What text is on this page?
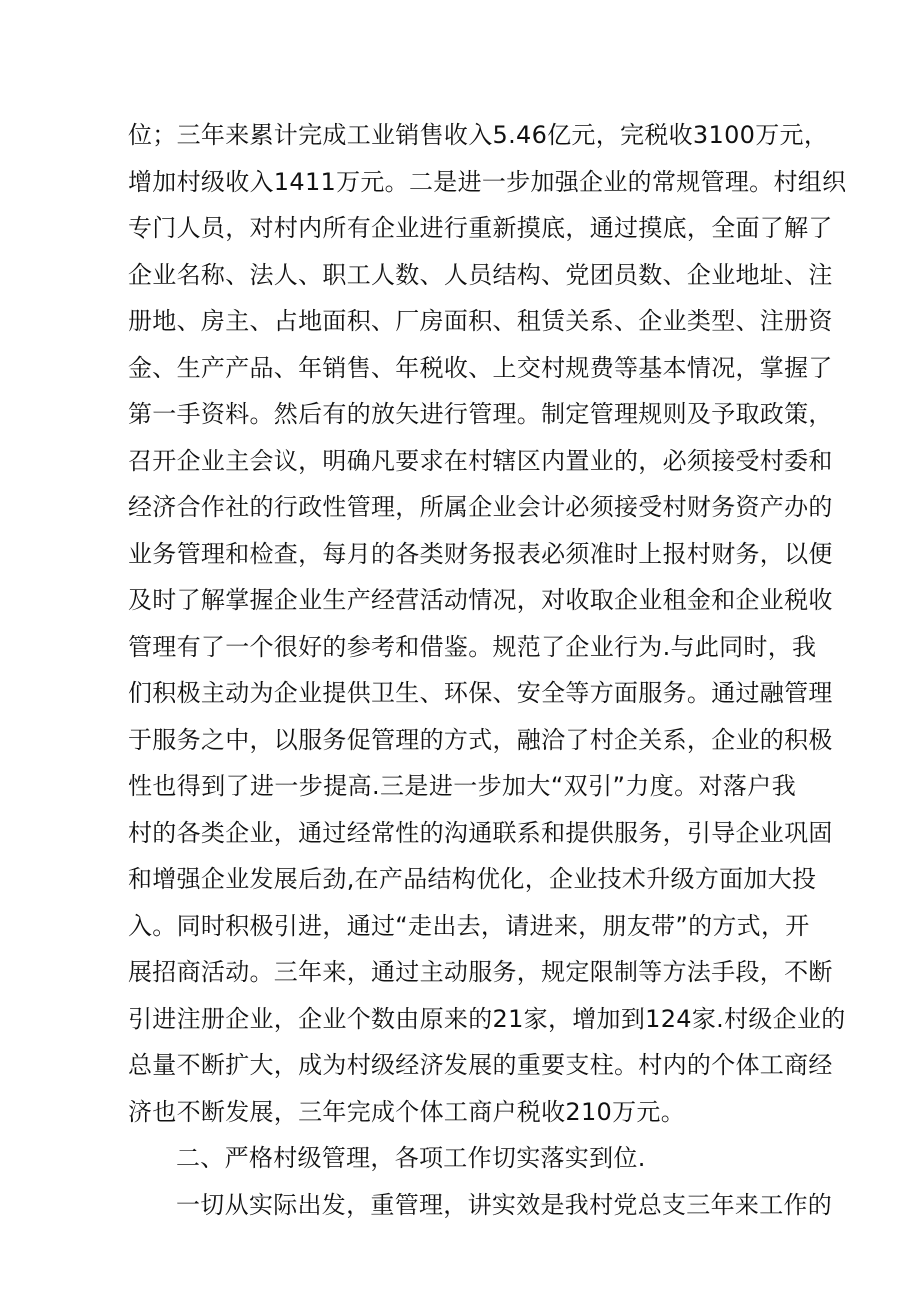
位；三年来累计完成工业销售收入5.46亿元，完税收3100万元，
增加村级收入1411万元。二是进一步加强企业的常规管理。村组织
专门人员，对村内所有企业进行重新摸底，通过摸底，全面了解了
企业名称、法人、职工人数、人员结构、党团员数、企业地址、注
册地、房主、占地面积、厂房面积、租赁关系、企业类型、注册资
金、生产产品、年销售、年税收、上交村规费等基本情况，掌握了
第一手资料。然后有的放矢进行管理。制定管理规则及予取政策，
召开企业主会议，明确凡要求在村辖区内置业的，必须接受村委和
经济合作社的行政性管理，所属企业会计必须接受村财务资产办的
业务管理和检查，每月的各类财务报表必须准时上报村财务，以便
及时了解掌握企业生产经营活动情况，对收取企业租金和企业税收
管理有了一个很好的参考和借鉴。规范了企业行为.与此同时，我
们积极主动为企业提供卫生、环保、安全等方面服务。通过融管理
于服务之中，以服务促管理的方式，融洽了村企关系，企业的积极
性也得到了进一步提高.三是进一步加大“双引”力度。对落户我
村的各类企业，通过经常性的沟通联系和提供服务，引导企业巩固
和增强企业发展后劲,在产品结构优化，企业技术升级方面加大投
入。同时积极引进，通过“走出去，请进来，朋友带”的方式，开
展招商活动。三年来，通过主动服务，规定限制等方法手段，不断
引进注册企业，企业个数由原来的21家，增加到124家.村级企业的
总量不断扩大，成为村级经济发展的重要支柱。村内的个体工商经
济也不断发展，三年完成个体工商户税收210万元。
二、严格村级管理，各项工作切实落实到位.
一切从实际出发，重管理，讲实效是我村党总支三年来工作的
